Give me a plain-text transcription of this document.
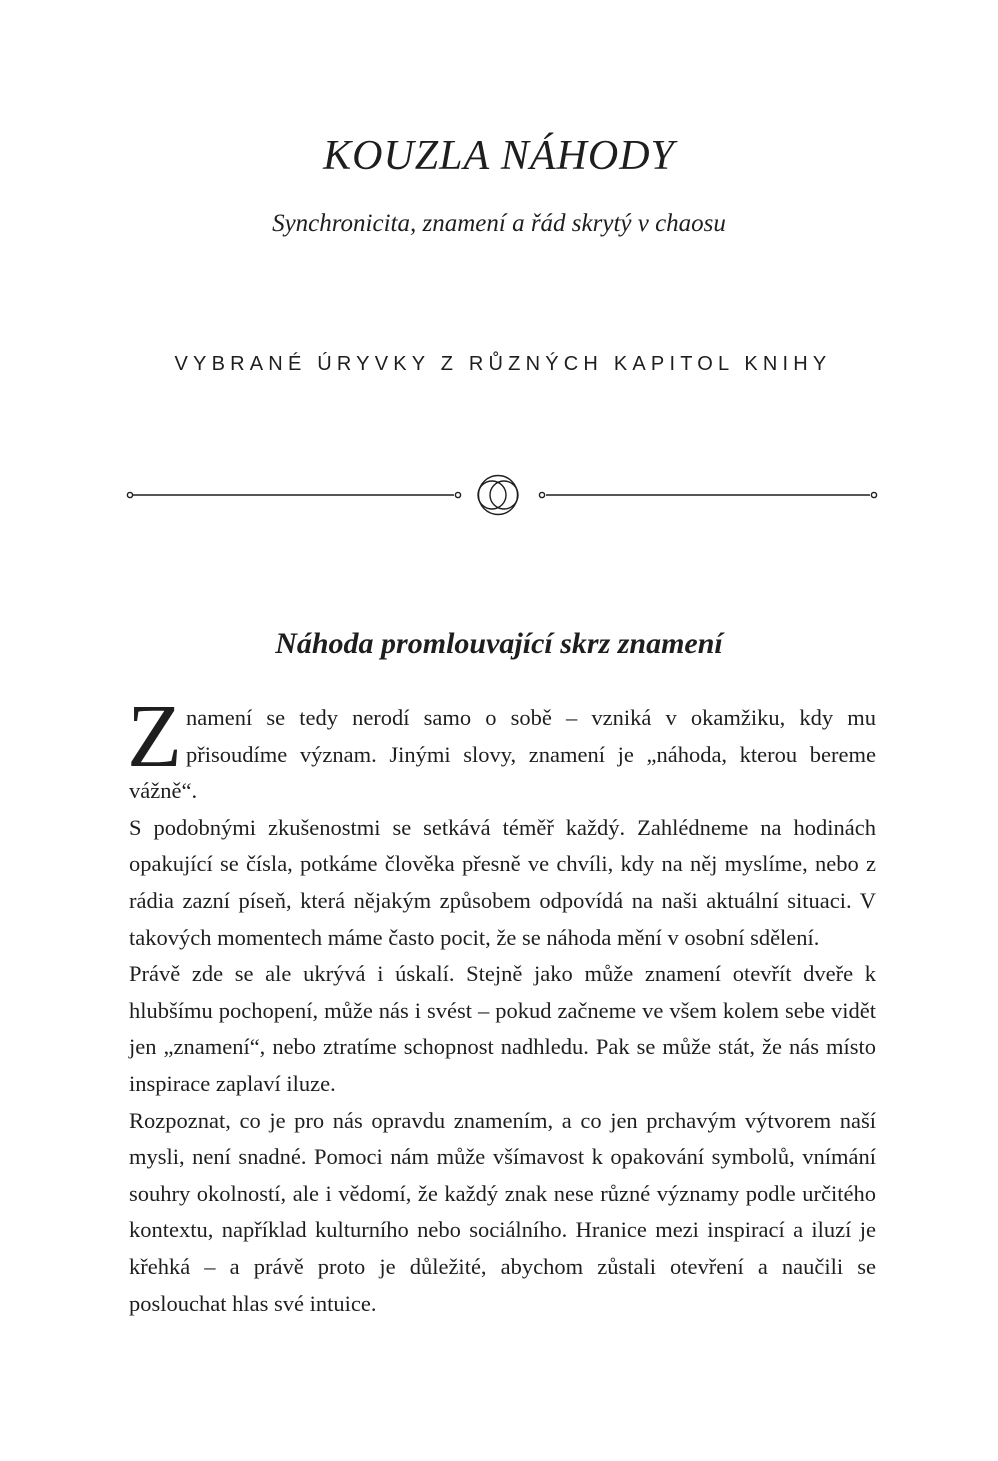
KOUZLA NÁHODY

Synchronicita, znamení a řád skrytý v chaosu

VYBRANÉ ÚRYVKY Z RŮZNÝCH KAPITOL KNIHY
Náhoda promlouvající skrz znamení

Znamení se tedy nerodí samo o sobě – vzniká v okamžiku, kdy mu přisoudíme význam. Jinými slovy, znamení je „náhoda, kterou bereme vážně“.

S podobnými zkušenostmi se setkává téměř každý. Zahlédneme na hodinách opakující se čísla, potkáme člověka přesně ve chvíli, kdy na něj myslíme, nebo z rádia zazní píseň, která nějakým způsobem odpovídá na naši aktuální situaci. V takových momentech máme často pocit, že se náhoda mění v osobní sdělení.

Právě zde se ale ukrývá i úskalí. Stejně jako může znamení otevřít dveře k hlubšímu pochopení, může nás i svést – pokud začneme ve všem kolem sebe vidět jen „znamení“, nebo ztratíme schopnost nadhledu. Pak se může stát, že nás místo inspirace zaplaví iluze.

Rozpoznat, co je pro nás opravdu znamením, a co jen prchavým výtvorem naší mysli, není snadné. Pomoci nám může všímavost k opakování symbolů, vnímání souhry okolností, ale i vědomí, že každý znak nese různé významy podle určitého kontextu, například kulturního nebo sociálního. Hranice mezi inspirací a iluzí je křehká – a právě proto je důležité, abychom zůstali otevření a naučili se poslouchat hlas své intuice.
